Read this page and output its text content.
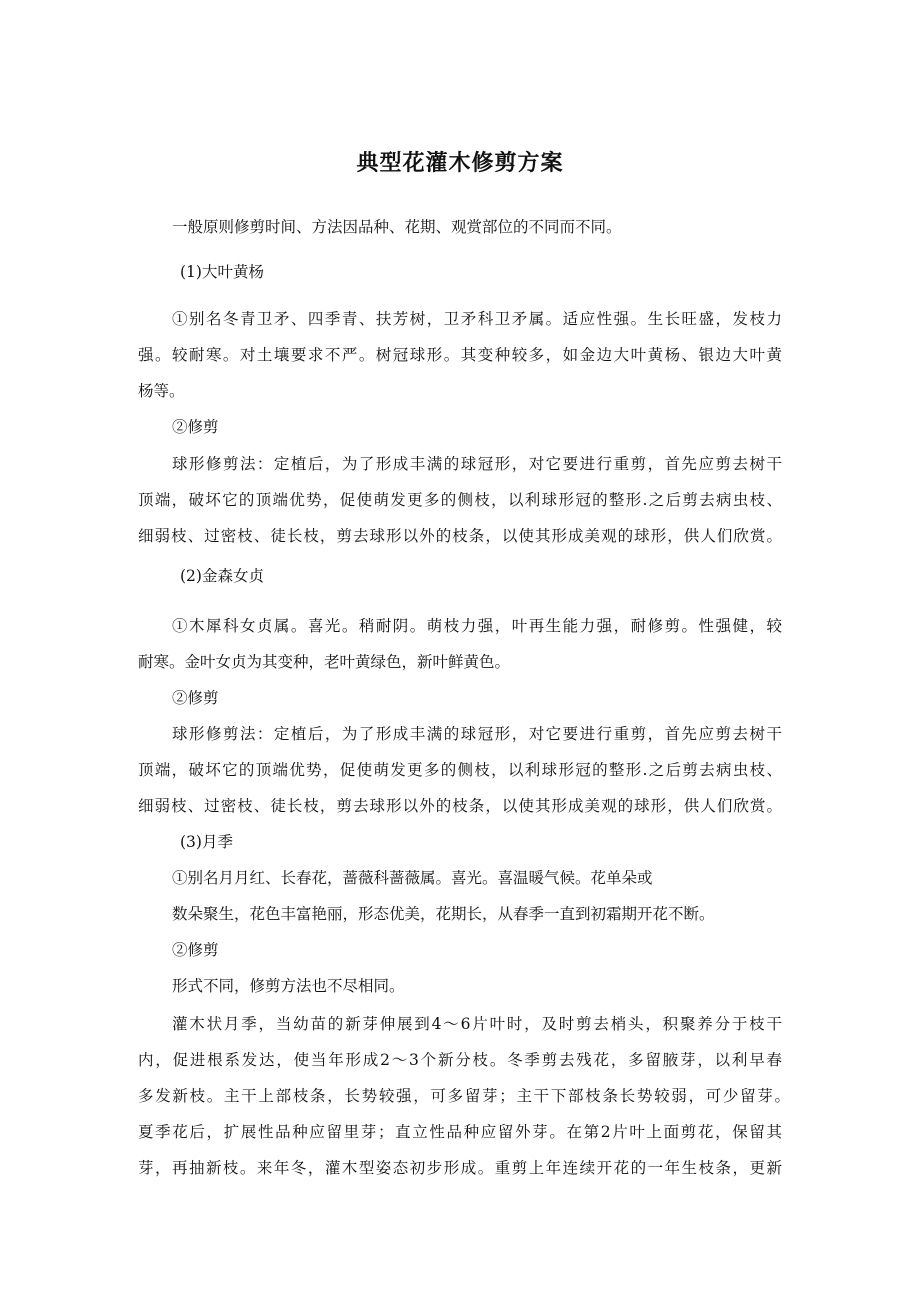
典型花灌木修剪方案
一般原则修剪时间、方法因品种、花期、观赏部位的不同而不同。
(1)大叶黄杨
①别名冬青卫矛、四季青、扶芳树，卫矛科卫矛属。适应性强。生长旺盛，发枝力
强。较耐寒。对土壤要求不严。树冠球形。其变种较多，如金边大叶黄杨、银边大叶黄
杨等。
②修剪
球形修剪法：定植后，为了形成丰满的球冠形，对它要进行重剪，首先应剪去树干
顶端，破坏它的顶端优势，促使萌发更多的侧枝，以利球形冠的整形.之后剪去病虫枝、
细弱枝、过密枝、徒长枝，剪去球形以外的枝条，以使其形成美观的球形，供人们欣赏。
(2)金森女贞
①木犀科女贞属。喜光。稍耐阴。萌枝力强，叶再生能力强，耐修剪。性强健，较
耐寒。金叶女贞为其变种，老叶黄绿色，新叶鲜黄色。
②修剪
球形修剪法：定植后，为了形成丰满的球冠形，对它要进行重剪，首先应剪去树干
顶端，破坏它的顶端优势，促使萌发更多的侧枝，以利球形冠的整形.之后剪去病虫枝、
细弱枝、过密枝、徒长枝，剪去球形以外的枝条，以使其形成美观的球形，供人们欣赏。
(3)月季
①别名月月红、长春花，蔷薇科蔷薇属。喜光。喜温暖气候。花单朵或
数朵聚生，花色丰富艳丽，形态优美，花期长，从春季一直到初霜期开花不断。
②修剪
形式不同，修剪方法也不尽相同。
灌木状月季，当幼苗的新芽伸展到4～6片叶时，及时剪去梢头，积聚养分于枝干
内，促进根系发达，使当年形成2～3个新分枝。冬季剪去残花，多留腋芽，以利早春
多发新枝。主干上部枝条，长势较强，可多留芽；主干下部枝条长势较弱，可少留芽。
夏季花后，扩展性品种应留里芽；直立性品种应留外芽。在第2片叶上面剪花，保留其
芽，再抽新枝。来年冬，灌木型姿态初步形成。重剪上年连续开花的一年生枝条，更新
